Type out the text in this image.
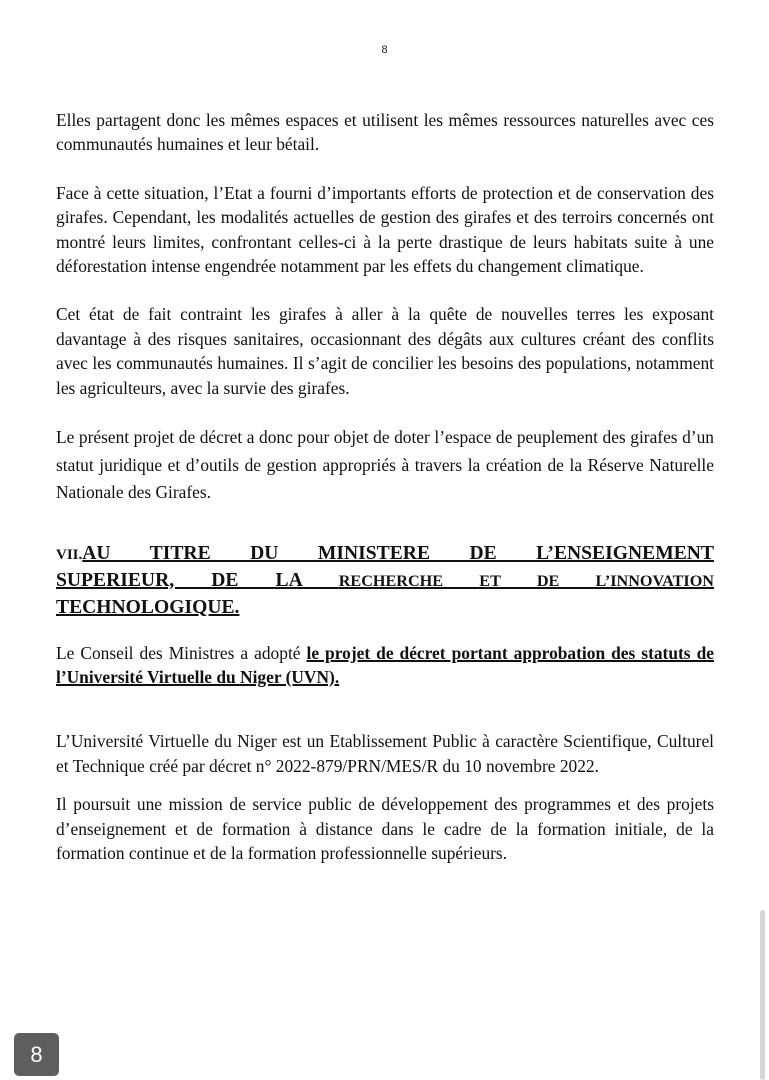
8

Elles partagent donc les mêmes espaces et utilisent les mêmes ressources naturelles avec ces communautés humaines et leur bétail.

Face à cette situation, l’Etat a fourni d’importants efforts de protection et de conservation des girafes. Cependant, les modalités actuelles de gestion des girafes et des terroirs concernés ont montré leurs limites, confrontant celles-ci à la perte drastique de leurs habitats suite à une déforestation intense engendrée notamment par les effets du changement climatique.

Cet état de fait contraint les girafes à aller à la quête de nouvelles terres les exposant davantage à des risques sanitaires, occasionnant des dégâts aux cultures créant des conflits avec les communautés humaines. Il s’agit de concilier les besoins des populations, notamment les agriculteurs, avec la survie des girafes.

Le présent projet de décret a donc pour objet de doter l’espace de peuplement des girafes d’un statut juridique et d’outils de gestion appropriés à travers la création de la Réserve Naturelle Nationale des Girafes.

VII.AU TITRE DU MINISTERE DE L’ENSEIGNEMENT

SUPERIEUR, DE LA RECHERCHE ET DE L’INNOVATION

TECHNOLOGIQUE.

Le Conseil des Ministres a adopté le projet de décret portant approbation des statuts de l’Université Virtuelle du Niger (UVN).

L’Université Virtuelle du Niger est un Etablissement Public à caractère Scientifique, Culturel et Technique créé par décret n° 2022-879/PRN/MES/R du 10 novembre 2022.

Il poursuit une mission de service public de développement des programmes et des projets d’enseignement et de formation à distance dans le cadre de la formation initiale, de la formation continue et de la formation professionnelle supérieurs.

8
